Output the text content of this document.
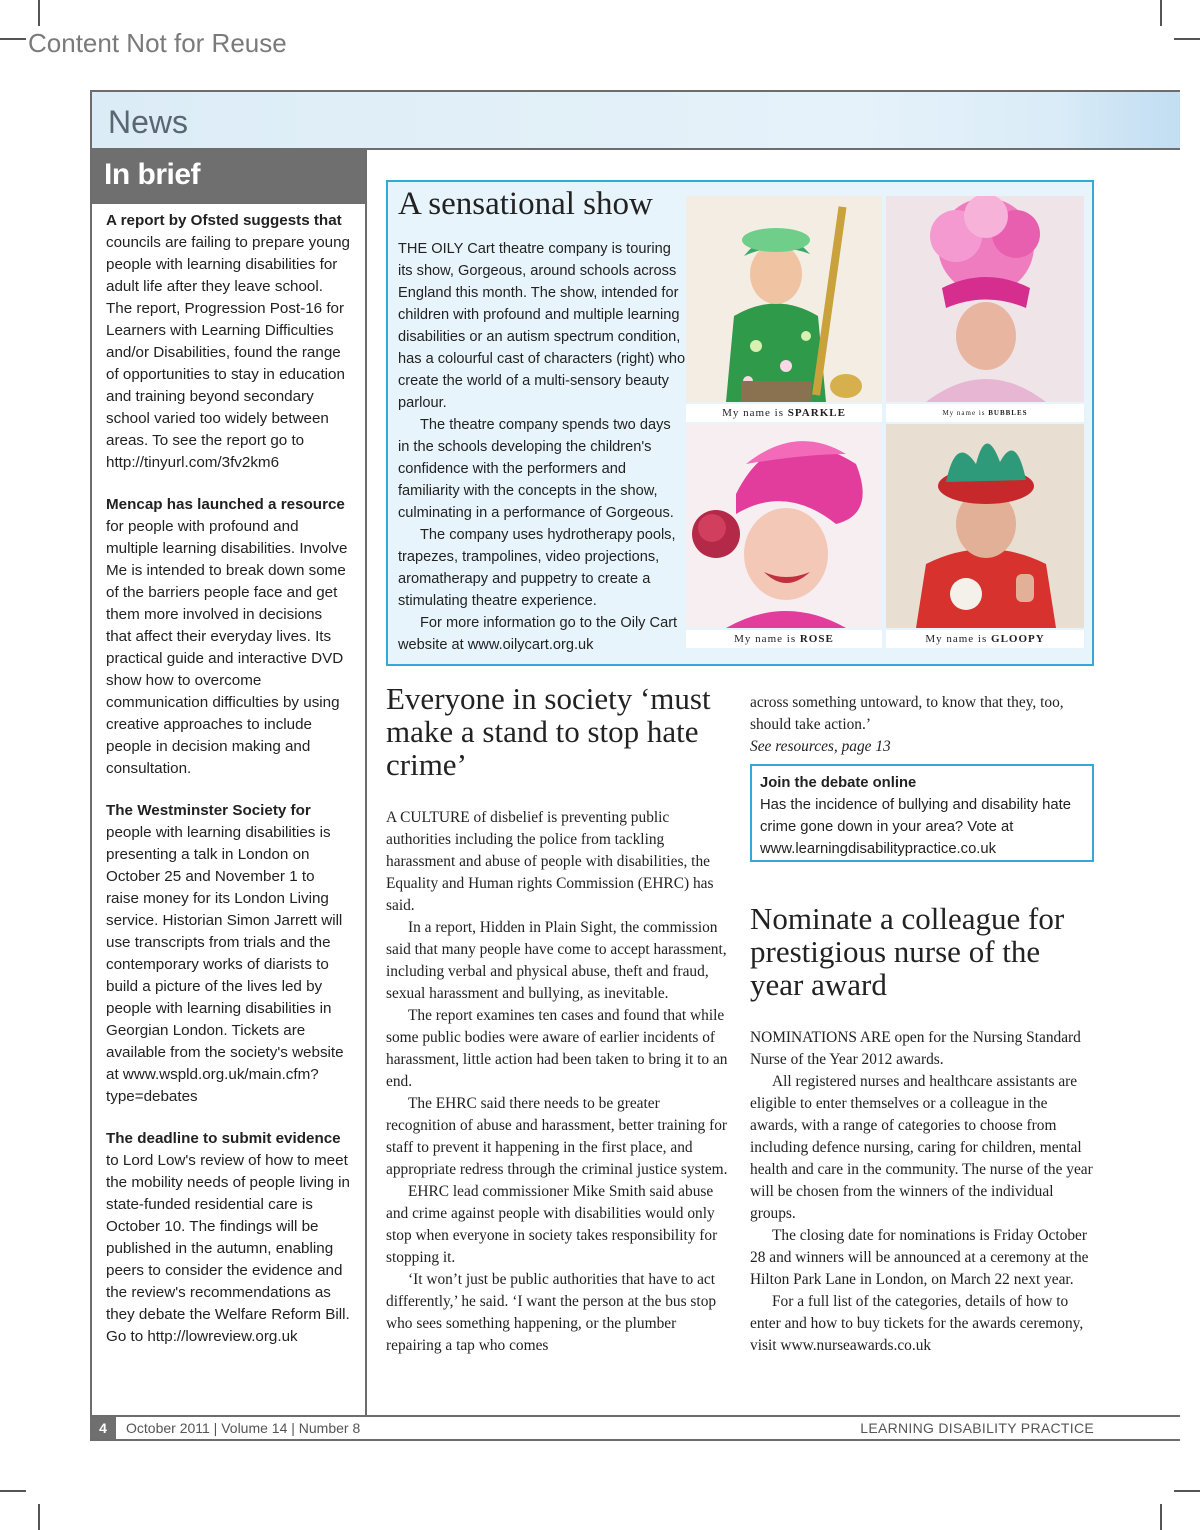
Content Not for Reuse
News
In brief

A report by Ofsted suggests that
councils are failing to prepare young people with learning disabilities for adult life after they leave school. The report, Progression Post-16 for Learners with Learning Difficulties and/or Disabilities, found the range of opportunities to stay in education and training beyond secondary school varied too widely between areas. To see the report go to http://tinyurl.com/3fv2km6

Mencap has launched a resource
for people with profound and multiple learning disabilities. Involve Me is intended to break down some of the barriers people face and get them more involved in decisions that affect their everyday lives. Its practical guide and interactive DVD show how to overcome communication difficulties by using creative approaches to include people in decision making and consultation.

The Westminster Society for
people with learning disabilities is presenting a talk in London on October 25 and November 1 to raise money for its London Living service. Historian Simon Jarrett will use transcripts from trials and the contemporary works of diarists to build a picture of the lives led by people with learning disabilities in Georgian London. Tickets are available from the society's website at www.wspld.org.uk/main.cfm?type=debates

The deadline to submit evidence
to Lord Low's review of how to meet the mobility needs of people living in state-funded residential care is October 10. The findings will be published in the autumn, enabling peers to consider the evidence and the review's recommendations as they debate the Welfare Reform Bill. Go to http://lowreview.org.uk

A sensational show

THE OILY Cart theatre company is touring its show, Gorgeous, around schools across England this month. The show, intended for children with profound and multiple learning disabilities or an autism spectrum condition, has a colourful cast of characters (right) who create the world of a multi-sensory beauty parlour.

The theatre company spends two days in the schools developing the children's confidence with the performers and familiarity with the concepts in the show, culminating in a performance of Gorgeous.

The company uses hydrotherapy pools, trapezes, trampolines, video projections, aromatherapy and puppetry to create a stimulating theatre experience.

For more information go to the Oily Cart website at www.oilycart.org.uk

My name is SPARKLE	My name is BUBBLES
My name is ROSE	My name is GLOOPY
Everyone in society ‘must make a stand to stop hate crime’

A CULTURE of disbelief is preventing public authorities including the police from tackling harassment and abuse of people with disabilities, the Equality and Human rights Commission (EHRC) has said.

In a report, Hidden in Plain Sight, the commission said that many people have come to accept harassment, including verbal and physical abuse, theft and fraud, sexual harassment and bullying, as inevitable.

The report examines ten cases and found that while some public bodies were aware of earlier incidents of harassment, little action had been taken to bring it to an end.

The EHRC said there needs to be greater recognition of abuse and harassment, better training for staff to prevent it happening in the first place, and appropriate redress through the criminal justice system.

EHRC lead commissioner Mike Smith said abuse and crime against people with disabilities would only stop when everyone in society takes responsibility for stopping it.

‘It won’t just be public authorities that have to act differently,’ he said. ‘I want the person at the bus stop who sees something happening, or the plumber repairing a tap who comes

across something untoward, to know that they, too, should take action.’

See resources, page 13

Join the debate online
Has the incidence of bullying and disability hate crime gone down in your area? Vote at www.learningdisabilitypractice.co.uk
Nominate a colleague for prestigious nurse of the year award

NOMINATIONS ARE open for the Nursing Standard Nurse of the Year 2012 awards.

All registered nurses and healthcare assistants are eligible to enter themselves or a colleague in the awards, with a range of categories to choose from including defence nursing, caring for children, mental health and care in the community. The nurse of the year will be chosen from the winners of the individual groups.

The closing date for nominations is Friday October 28 and winners will be announced at a ceremony at the Hilton Park Lane in London, on March 22 next year.

For a full list of the categories, details of how to enter and how to buy tickets for the awards ceremony, visit www.nurseawards.co.uk

4	October 2011 | Volume 14 | Number 8	LEARNING DISABILITY PRACTICE
